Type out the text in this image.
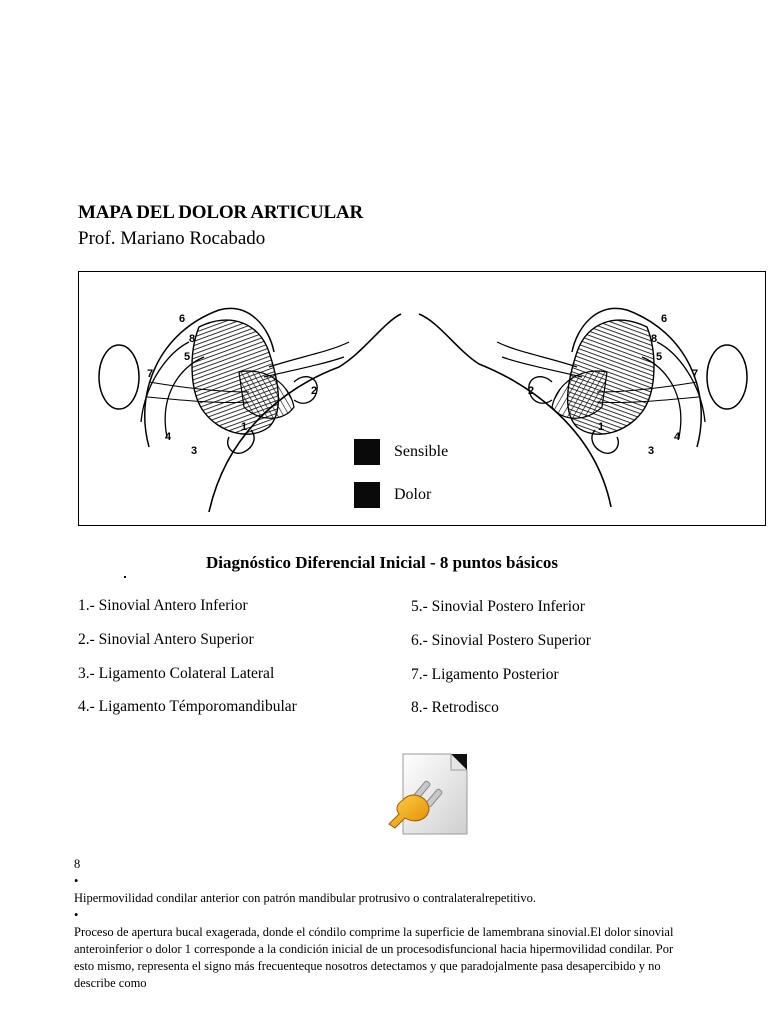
MAPA DEL DOLOR ARTICULAR
Prof. Mariano Rocabado
6
8
5
7
2
1
4
3
6
8
5
7
2
1
4
3
Sensible
Dolor
Diagnóstico Diferencial Inicial - 8 puntos básicos
1.- Sinovial Antero Inferior
2.- Sinovial Antero Superior
3.- Ligamento Colateral Lateral
4.- Ligamento Témporomandibular
5.- Sinovial Postero Inferior
6.- Sinovial Postero Superior
7.- Ligamento Posterior
8.- Retrodisco

8

•

Hipermovilidad condilar anterior con patrón mandibular protrusivo o contralateralrepetitivo.

•

Proceso de apertura bucal exagerada, donde el cóndilo comprime la superficie de lamembrana sinovial.El dolor sinovial anteroinferior o dolor 1 corresponde a la condición inicial de un procesodisfuncional hacia hipermovilidad condilar. Por esto mismo, representa el signo más frecuenteque nosotros detectamos y que paradojalmente pasa desapercibido y no describe como
